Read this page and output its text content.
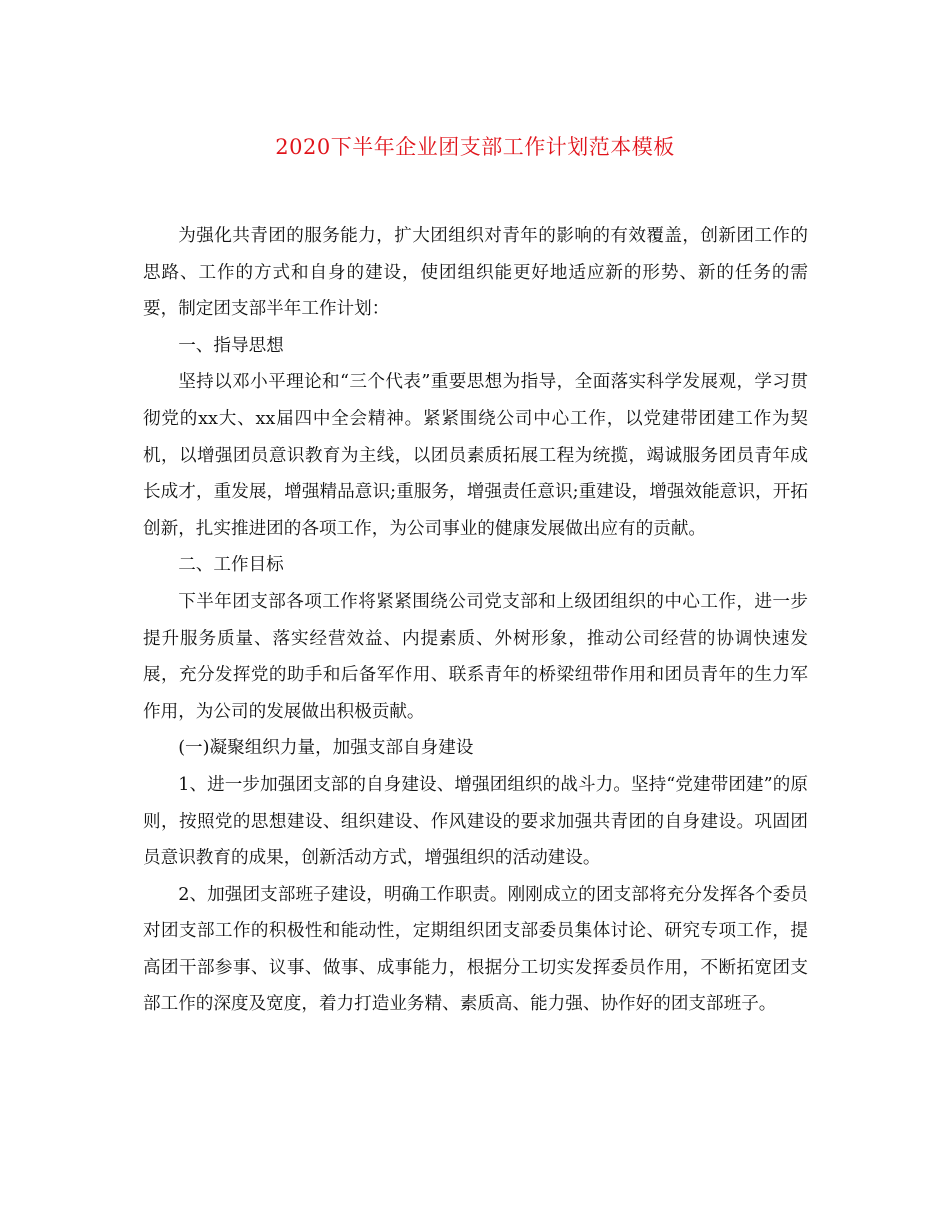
2020下半年企业团支部工作计划范本模板

为强化共青团的服务能力，扩大团组织对青年的影响的有效覆盖，创新团工作的思路、工作的方式和自身的建设，使团组织能更好地适应新的形势、新的任务的需要，制定团支部半年工作计划：

一、指导思想

坚持以邓小平理论和“三个代表”重要思想为指导，全面落实科学发展观，学习贯彻党的xx大、xx届四中全会精神。紧紧围绕公司中心工作，以党建带团建工作为契机，以增强团员意识教育为主线，以团员素质拓展工程为统揽，竭诚服务团员青年成长成才，重发展，增强精品意识;重服务，增强责任意识;重建设，增强效能意识，开拓创新，扎实推进团的各项工作，为公司事业的健康发展做出应有的贡献。

二、工作目标

下半年团支部各项工作将紧紧围绕公司党支部和上级团组织的中心工作，进一步提升服务质量、落实经营效益、内提素质、外树形象，推动公司经营的协调快速发展，充分发挥党的助手和后备军作用、联系青年的桥梁纽带作用和团员青年的生力军作用，为公司的发展做出积极贡献。

(一)凝聚组织力量，加强支部自身建设

1、进一步加强团支部的自身建设、增强团组织的战斗力。坚持“党建带团建”的原则，按照党的思想建设、组织建设、作风建设的要求加强共青团的自身建设。巩固团员意识教育的成果，创新活动方式，增强组织的活动建设。

2、加强团支部班子建设，明确工作职责。刚刚成立的团支部将充分发挥各个委员对团支部工作的积极性和能动性，定期组织团支部委员集体讨论、研究专项工作，提高团干部参事、议事、做事、成事能力，根据分工切实发挥委员作用，不断拓宽团支部工作的深度及宽度，着力打造业务精、素质高、能力强、协作好的团支部班子。
